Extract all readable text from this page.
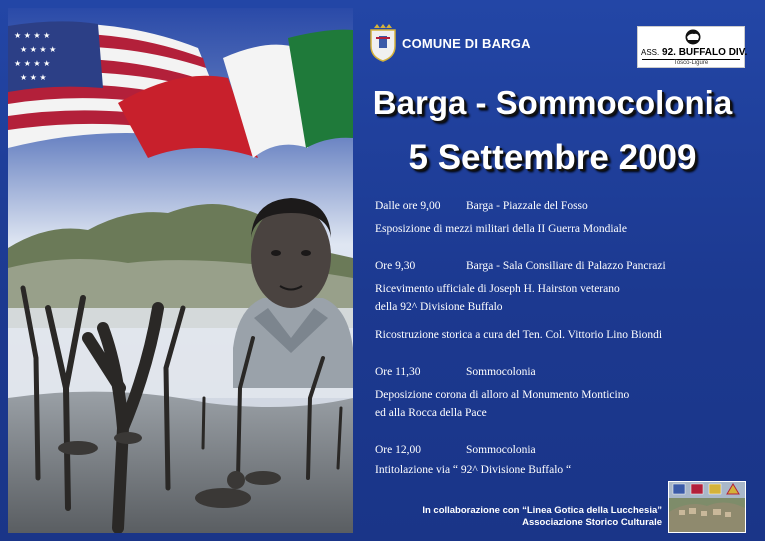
★ ★ ★ ★
★ ★ ★ ★
★ ★ ★ ★
★ ★ ★
COMUNE DI BARGA
ASS. 92. BUFFALO DIV.
Tosco-Ligure
Barga - Sommocolonia
5 Settembre 2009
Dalle ore 9,00 Barga - Piazzale del Fosso
Esposizione di mezzi militari della II Guerra Mondiale
Ore 9,30	Barga - Sala Consiliare di Palazzo Pancrazi
Ricevimento ufficiale di Joseph H. Hairston veterano
della 92^ Divisione Buffalo
Ricostruzione storica a cura del Ten. Col. Vittorio Lino Biondi
Ore 11,30	Sommocolonia
Deposizione corona di alloro al Monumento Monticino
ed alla Rocca della Pace
Ore 12,00	Sommocolonia
Intitolazione via “ 92^ Divisione Buffalo “
In collaborazione con “Linea Gotica della Lucchesia”
Associazione Storico Culturale
